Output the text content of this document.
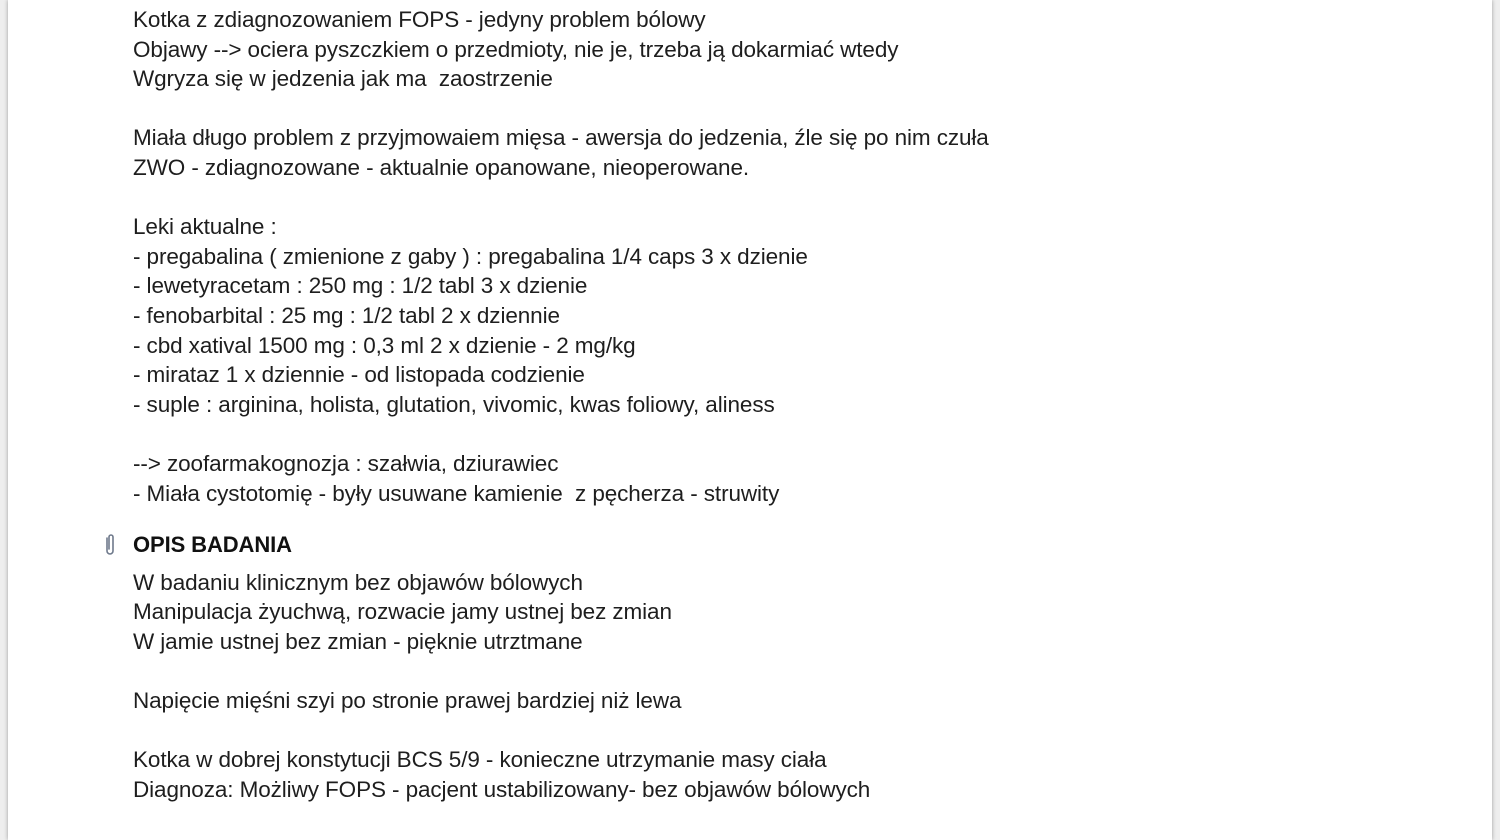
Kotka z zdiagnozowaniem FOPS - jedyny problem bólowy
Objawy --> ociera pyszczkiem o przedmioty, nie je, trzeba ją dokarmiać wtedy
Wgryza się w jedzenia jak ma  zaostrzenie
Miała długo problem z przyjmowaiem mięsa - awersja do jedzenia, źle się po nim czuła
ZWO - zdiagnozowane - aktualnie opanowane, nieoperowane.
Leki aktualne :
- pregabalina ( zmienione z gaby ) : pregabalina 1/4 caps 3 x dzienie
- lewetyracetam : 250 mg : 1/2 tabl 3 x dzienie
- fenobarbital : 25 mg : 1/2 tabl 2 x dziennie
- cbd xatival 1500 mg : 0,3 ml 2 x dzienie - 2 mg/kg
- mirataz 1 x dziennie - od listopada codzienie
- suple : arginina, holista, glutation, vivomic, kwas foliowy, aliness
--> zoofarmakognozja : szałwia, dziurawiec
- Miała cystotomię - były usuwane kamienie  z pęcherza - struwity
OPIS BADANIA
W badaniu klinicznym bez objawów bólowych
Manipulacja żyuchwą, rozwacie jamy ustnej bez zmian
W jamie ustnej bez zmian - pięknie utrztmane
Napięcie mięśni szyi po stronie prawej bardziej niż lewa
Kotka w dobrej konstytucji BCS 5/9 - konieczne utrzymanie masy ciała
Diagnoza: Możliwy FOPS - pacjent ustabilizowany- bez objawów bólowych
